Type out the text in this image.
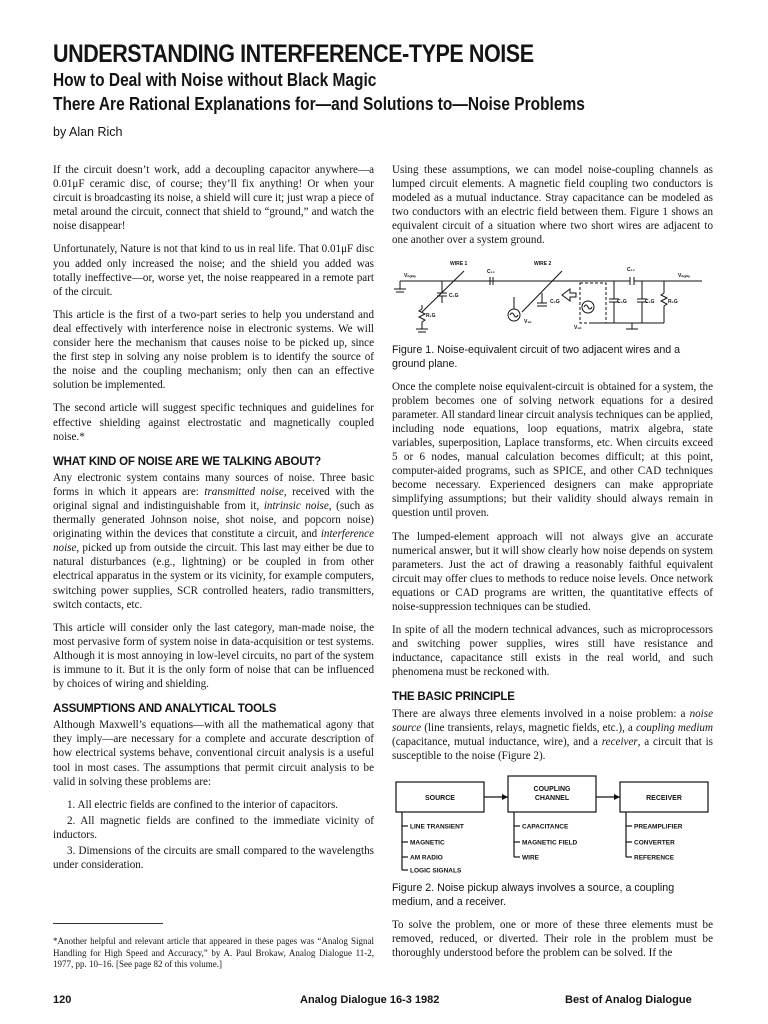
UNDERSTANDING INTERFERENCE-TYPE NOISE
How to Deal with Noise without Black Magic
There Are Rational Explanations for—and Solutions to—Noise Problems
by Alan Rich

If the circuit doesn’t work, add a decoupling capacitor anywhere—a 0.01μF ceramic disc, of course; they’ll fix anything! Or when your circuit is broadcasting its noise, a shield will cure it; just wrap a piece of metal around the circuit, connect that shield to “ground,” and watch the noise disappear!

Unfortunately, Nature is not that kind to us in real life. That 0.01μF disc you added only increased the noise; and the shield you added was totally ineffective—or, worse yet, the noise reappeared in a remote part of the circuit.

This article is the first of a two-part series to help you understand and deal effectively with interference noise in electronic systems. We will consider here the mechanism that causes noise to be picked up, since the first step in solving any noise problem is to identify the source of the noise and the coupling mechanism; only then can an effective solution be implemented.

The second article will suggest specific techniques and guidelines for effective shielding against electrostatic and magnetically coupled noise.*

WHAT KIND OF NOISE ARE WE TALKING ABOUT?

Any electronic system contains many sources of noise. Three basic forms in which it appears are: transmitted noise, received with the original signal and indistinguishable from it, intrinsic noise, (such as thermally generated Johnson noise, shot noise, and popcorn noise) originating within the devices that constitute a circuit, and interference noise, picked up from outside the circuit. This last may either be due to natural disturbances (e.g., lightning) or be coupled in from other electrical apparatus in the system or its vicinity, for example computers, switching power supplies, SCR controlled heaters, radio transmitters, switch contacts, etc.

This article will consider only the last category, man-made noise, the most pervasive form of system noise in data-acquisition or test systems. Although it is most annoying in low-level circuits, no part of the system is immune to it. But it is the only form of noise that can be influenced by choices of wiring and shielding.

ASSUMPTIONS AND ANALYTICAL TOOLS

Although Maxwell’s equations—with all the mathematical agony that they imply—are necessary for a complete and accurate description of how electrical systems behave, conventional circuit analysis is a useful tool in most cases. The assumptions that permit circuit analysis to be valid in solving these problems are:

1. All electric fields are confined to the interior of capacitors.
2. All magnetic fields are confined to the immediate vicinity of inductors.
3. Dimensions of the circuits are small compared to the wavelengths under consideration.
*Another helpful and relevant article that appeared in these pages was “Analog Signal Handling for High Speed and Accuracy,” by A. Paul Brokaw, Analog Dialogue 11-2, 1977, pp. 10–16. [See page 82 of this volume.]

Using these assumptions, we can model noise-coupling channels as lumped circuit elements. A magnetic field coupling two conductors is modeled as a mutual inductance. Stray capacitance can be modeled as two conductors with an electric field between them. Figure 1 shows an equivalent circuit of a situation where two short wires are adjacent to one another over a system ground.

WIRE 1	WIRE 2
C₁₂	C₁₂
Vₙₒᵢₛₑ	Vₙₒᵢₛₑ
C₁G
C₂G	C₂G	C₁G
R₁G
R₂G
V₁ₙ
V₁ₙ
Figure 1. Noise-equivalent circuit of two adjacent wires and a ground plane.

Once the complete noise equivalent-circuit is obtained for a system, the problem becomes one of solving network equations for a desired parameter. All standard linear circuit analysis techniques can be applied, including node equations, loop equations, matrix algebra, state variables, superposition, Laplace transforms, etc. When circuits exceed 5 or 6 nodes, manual calculation becomes difficult; at this point, computer-aided programs, such as SPICE, and other CAD techniques become necessary. Experienced designers can make appropriate simplifying assumptions; but their validity should always remain in question until proven.

The lumped-element approach will not always give an accurate numerical answer, but it will show clearly how noise depends on system parameters. Just the act of drawing a reasonably faithful equivalent circuit may offer clues to methods to reduce noise levels. Once network equations or CAD programs are written, the quantitative effects of noise-suppression techniques can be studied.

In spite of all the modern technical advances, such as microprocessors and switching power supplies, wires still have resistance and inductance, capacitance still exists in the real world, and such phenomena must be reckoned with.

THE BASIC PRINCIPLE

There are always three elements involved in a noise problem: a noise source (line transients, relays, magnetic fields, etc.), a coupling medium (capacitance, mutual inductance, wire), and a receiver, a circuit that is susceptible to the noise (Figure 2).

SOURCE
COUPLING
CHANNEL	RECEIVER
LINE TRANSIENT
MAGNETIC
AM RADIO
LOGIC SIGNALS
CAPACITANCE
MAGNETIC FIELD
WIRE
PREAMPLIFIER
CONVERTER
REFERENCE
Figure 2. Noise pickup always involves a source, a coupling medium, and a receiver.

To solve the problem, one or more of these three elements must be removed, reduced, or diverted. Their role in the problem must be thoroughly understood before the problem can be solved. If the

120	Analog Dialogue 16-3 1982	Best of Analog Dialogue
